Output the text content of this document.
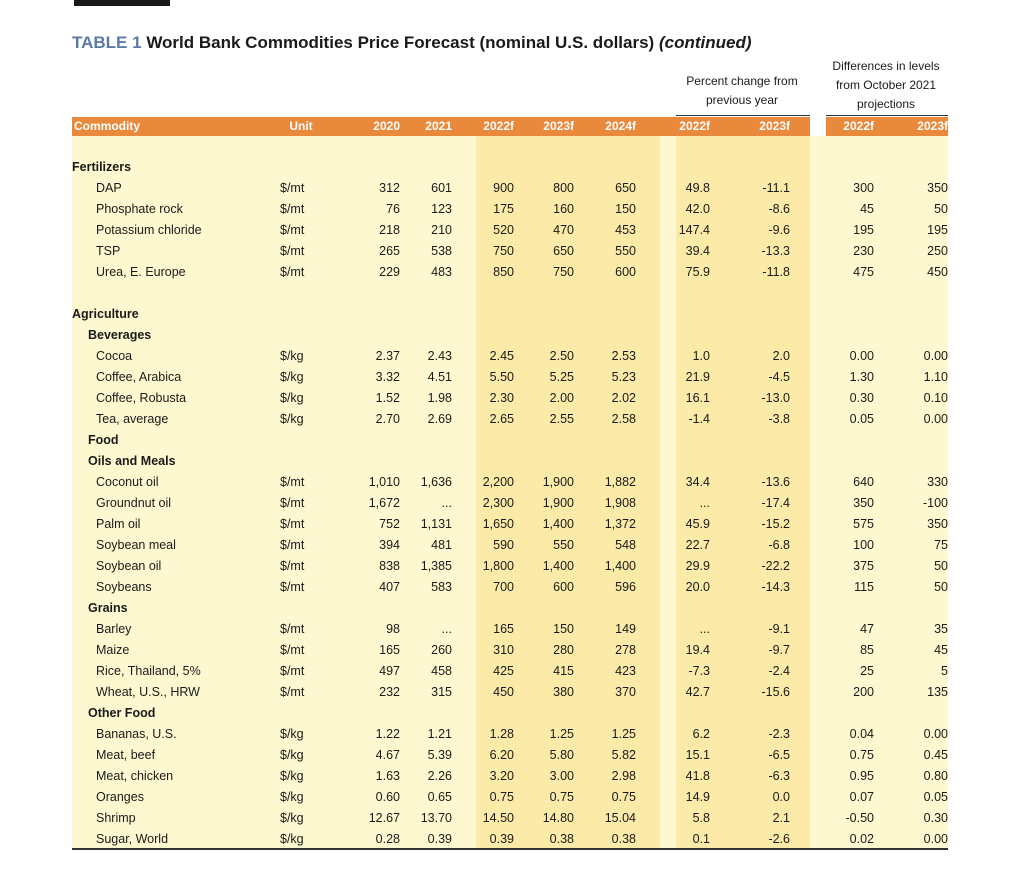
TABLE 1 World Bank Commodities Price Forecast (nominal U.S. dollars) (continued)
Percent change from
previous year
Differences in levels
from October 2021
projections
Commodity	Unit	2020	2021	2022f	2023f	2024f	2022f	2023f	2022f	2023f
Fertilizers
DAP	$/mt	312	601	900	800	650	49.8	-11.1	300	350
Phosphate rock	$/mt	76	123	175	160	150	42.0	-8.6	45	50
Potassium chloride	$/mt	218	210	520	470	453	147.4	-9.6	195	195
TSP	$/mt	265	538	750	650	550	39.4	-13.3	230	250
Urea, E. Europe	$/mt	229	483	850	750	600	75.9	-11.8	475	450
Agriculture
Beverages
Cocoa	$/kg	2.37	2.43	2.45	2.50	2.53	1.0	2.0	0.00	0.00
Coffee, Arabica	$/kg	3.32	4.51	5.50	5.25	5.23	21.9	-4.5	1.30	1.10
Coffee, Robusta	$/kg	1.52	1.98	2.30	2.00	2.02	16.1	-13.0	0.30	0.10
Tea, average	$/kg	2.70	2.69	2.65	2.55	2.58	-1.4	-3.8	0.05	0.00
Food
Oils and Meals
Coconut oil	$/mt	1,010	1,636	2,200	1,900	1,882	34.4	-13.6	640	330
Groundnut oil	$/mt	1,672	...	2,300	1,900	1,908	...	-17.4	350	-100
Palm oil	$/mt	752	1,131	1,650	1,400	1,372	45.9	-15.2	575	350
Soybean meal	$/mt	394	481	590	550	548	22.7	-6.8	100	75
Soybean oil	$/mt	838	1,385	1,800	1,400	1,400	29.9	-22.2	375	50
Soybeans	$/mt	407	583	700	600	596	20.0	-14.3	115	50
Grains
Barley	$/mt	98	...	165	150	149	...	-9.1	47	35
Maize	$/mt	165	260	310	280	278	19.4	-9.7	85	45
Rice, Thailand, 5%	$/mt	497	458	425	415	423	-7.3	-2.4	25	5
Wheat, U.S., HRW	$/mt	232	315	450	380	370	42.7	-15.6	200	135
Other Food
Bananas, U.S.	$/kg	1.22	1.21	1.28	1.25	1.25	6.2	-2.3	0.04	0.00
Meat, beef	$/kg	4.67	5.39	6.20	5.80	5.82	15.1	-6.5	0.75	0.45
Meat, chicken	$/kg	1.63	2.26	3.20	3.00	2.98	41.8	-6.3	0.95	0.80
Oranges	$/kg	0.60	0.65	0.75	0.75	0.75	14.9	0.0	0.07	0.05
Shrimp	$/kg	12.67	13.70	14.50	14.80	15.04	5.8	2.1	-0.50	0.30
Sugar, World	$/kg	0.28	0.39	0.39	0.38	0.38	0.1	-2.6	0.02	0.00
